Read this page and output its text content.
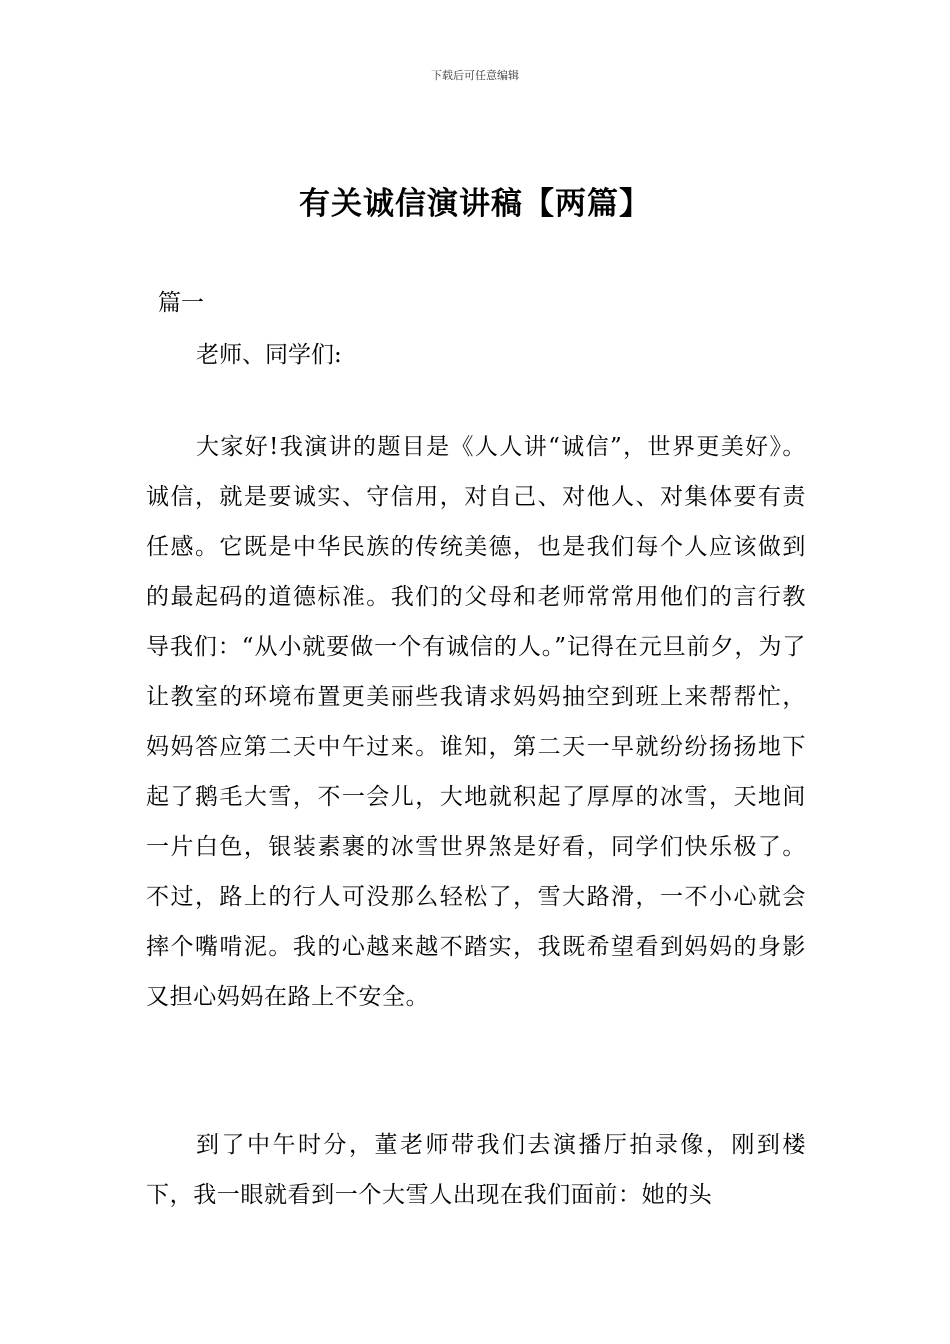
下载后可任意编辑
有关诚信演讲稿【两篇】
篇一
老师、同学们:

大家好!我演讲的题目是《人人讲“诚信”，世界更美好》。诚信，就是要诚实、守信用，对自己、对他人、对集体要有责任感。它既是中华民族的传统美德，也是我们每个人应该做到的最起码的道德标准。我们的父母和老师常常用他们的言行教导我们：“从小就要做一个有诚信的人。”记得在元旦前夕，为了让教室的环境布置更美丽些我请求妈妈抽空到班上来帮帮忙，妈妈答应第二天中午过来。谁知，第二天一早就纷纷扬扬地下起了鹅毛大雪，不一会儿，大地就积起了厚厚的冰雪，天地间一片白色，银装素裹的冰雪世界煞是好看，同学们快乐极了。不过，路上的行人可没那么轻松了，雪大路滑，一不小心就会摔个嘴啃泥。我的心越来越不踏实，我既希望看到妈妈的身影又担心妈妈在路上不安全。

到了中午时分，董老师带我们去演播厅拍录像，刚到楼下，我一眼就看到一个大雪人出现在我们面前：她的头
